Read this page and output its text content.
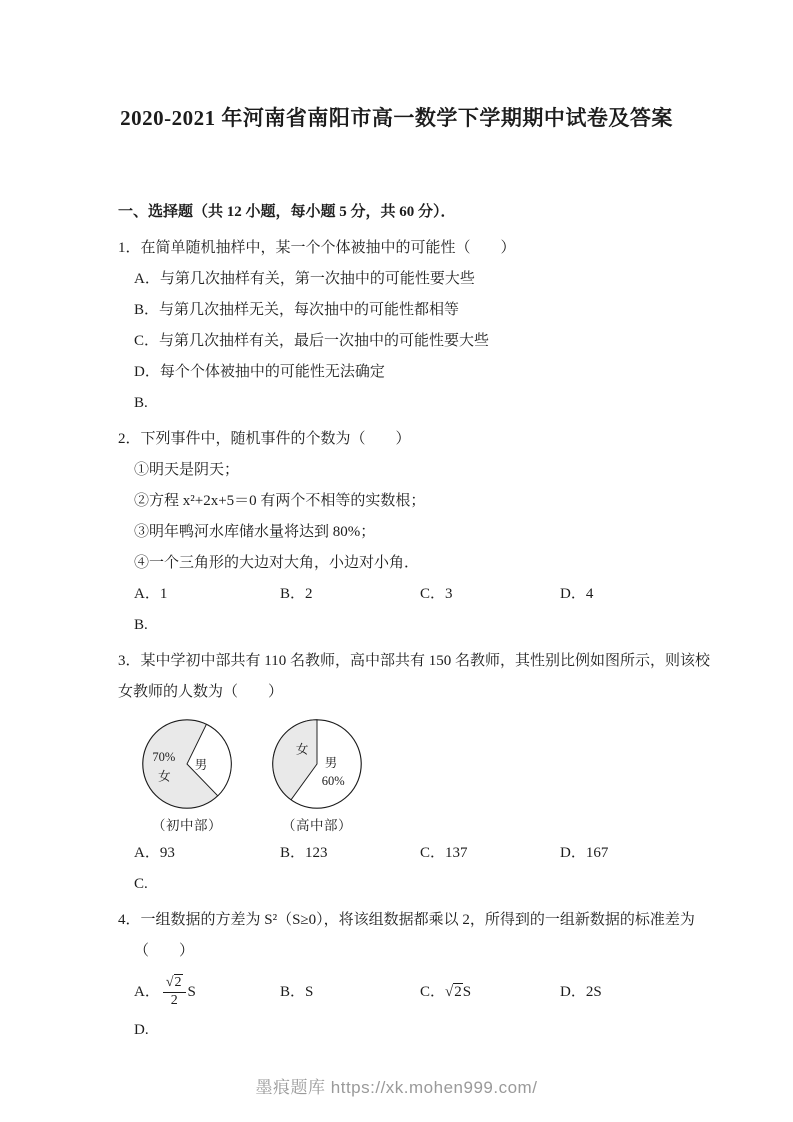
2020-2021 年河南省南阳市高一数学下学期期中试卷及答案

一、选择题（共 12 小题，每小题 5 分，共 60 分）．

1．在简单随机抽样中，某一个个体被抽中的可能性（　　）

A．与第几次抽样有关，第一次抽中的可能性要大些

B．与第几次抽样无关，每次抽中的可能性都相等

C．与第几次抽样有关，最后一次抽中的可能性要大些

D．每个个体被抽中的可能性无法确定

B.

2．下列事件中，随机事件的个数为（　　）

①明天是阴天；

②方程 x²+2x+5＝0 有两个不相等的实数根；

③明年鸭河水库储水量将达到 80%；

④一个三角形的大边对大角，小边对小角．

A．1	B．2	C．3	D．4

B.

3．某中学初中部共有 110 名教师，高中部共有 150 名教师，其性别比例如图所示，则该校

女教师的人数为（　　）

70%
女
男
（初中部）
女
男
60%
（高中部）
A．93	B．123	C．137	D．167

C.

4．一组数据的方差为 S²（S≥0），将该组数据都乘以 2，所得到的一组新数据的标准差为

（　　）

A． $\frac{√2}{2}$ S	B． S	C． √2 S	D． 2S

D.

墨痕题库 https://xk.mohen999.com/
